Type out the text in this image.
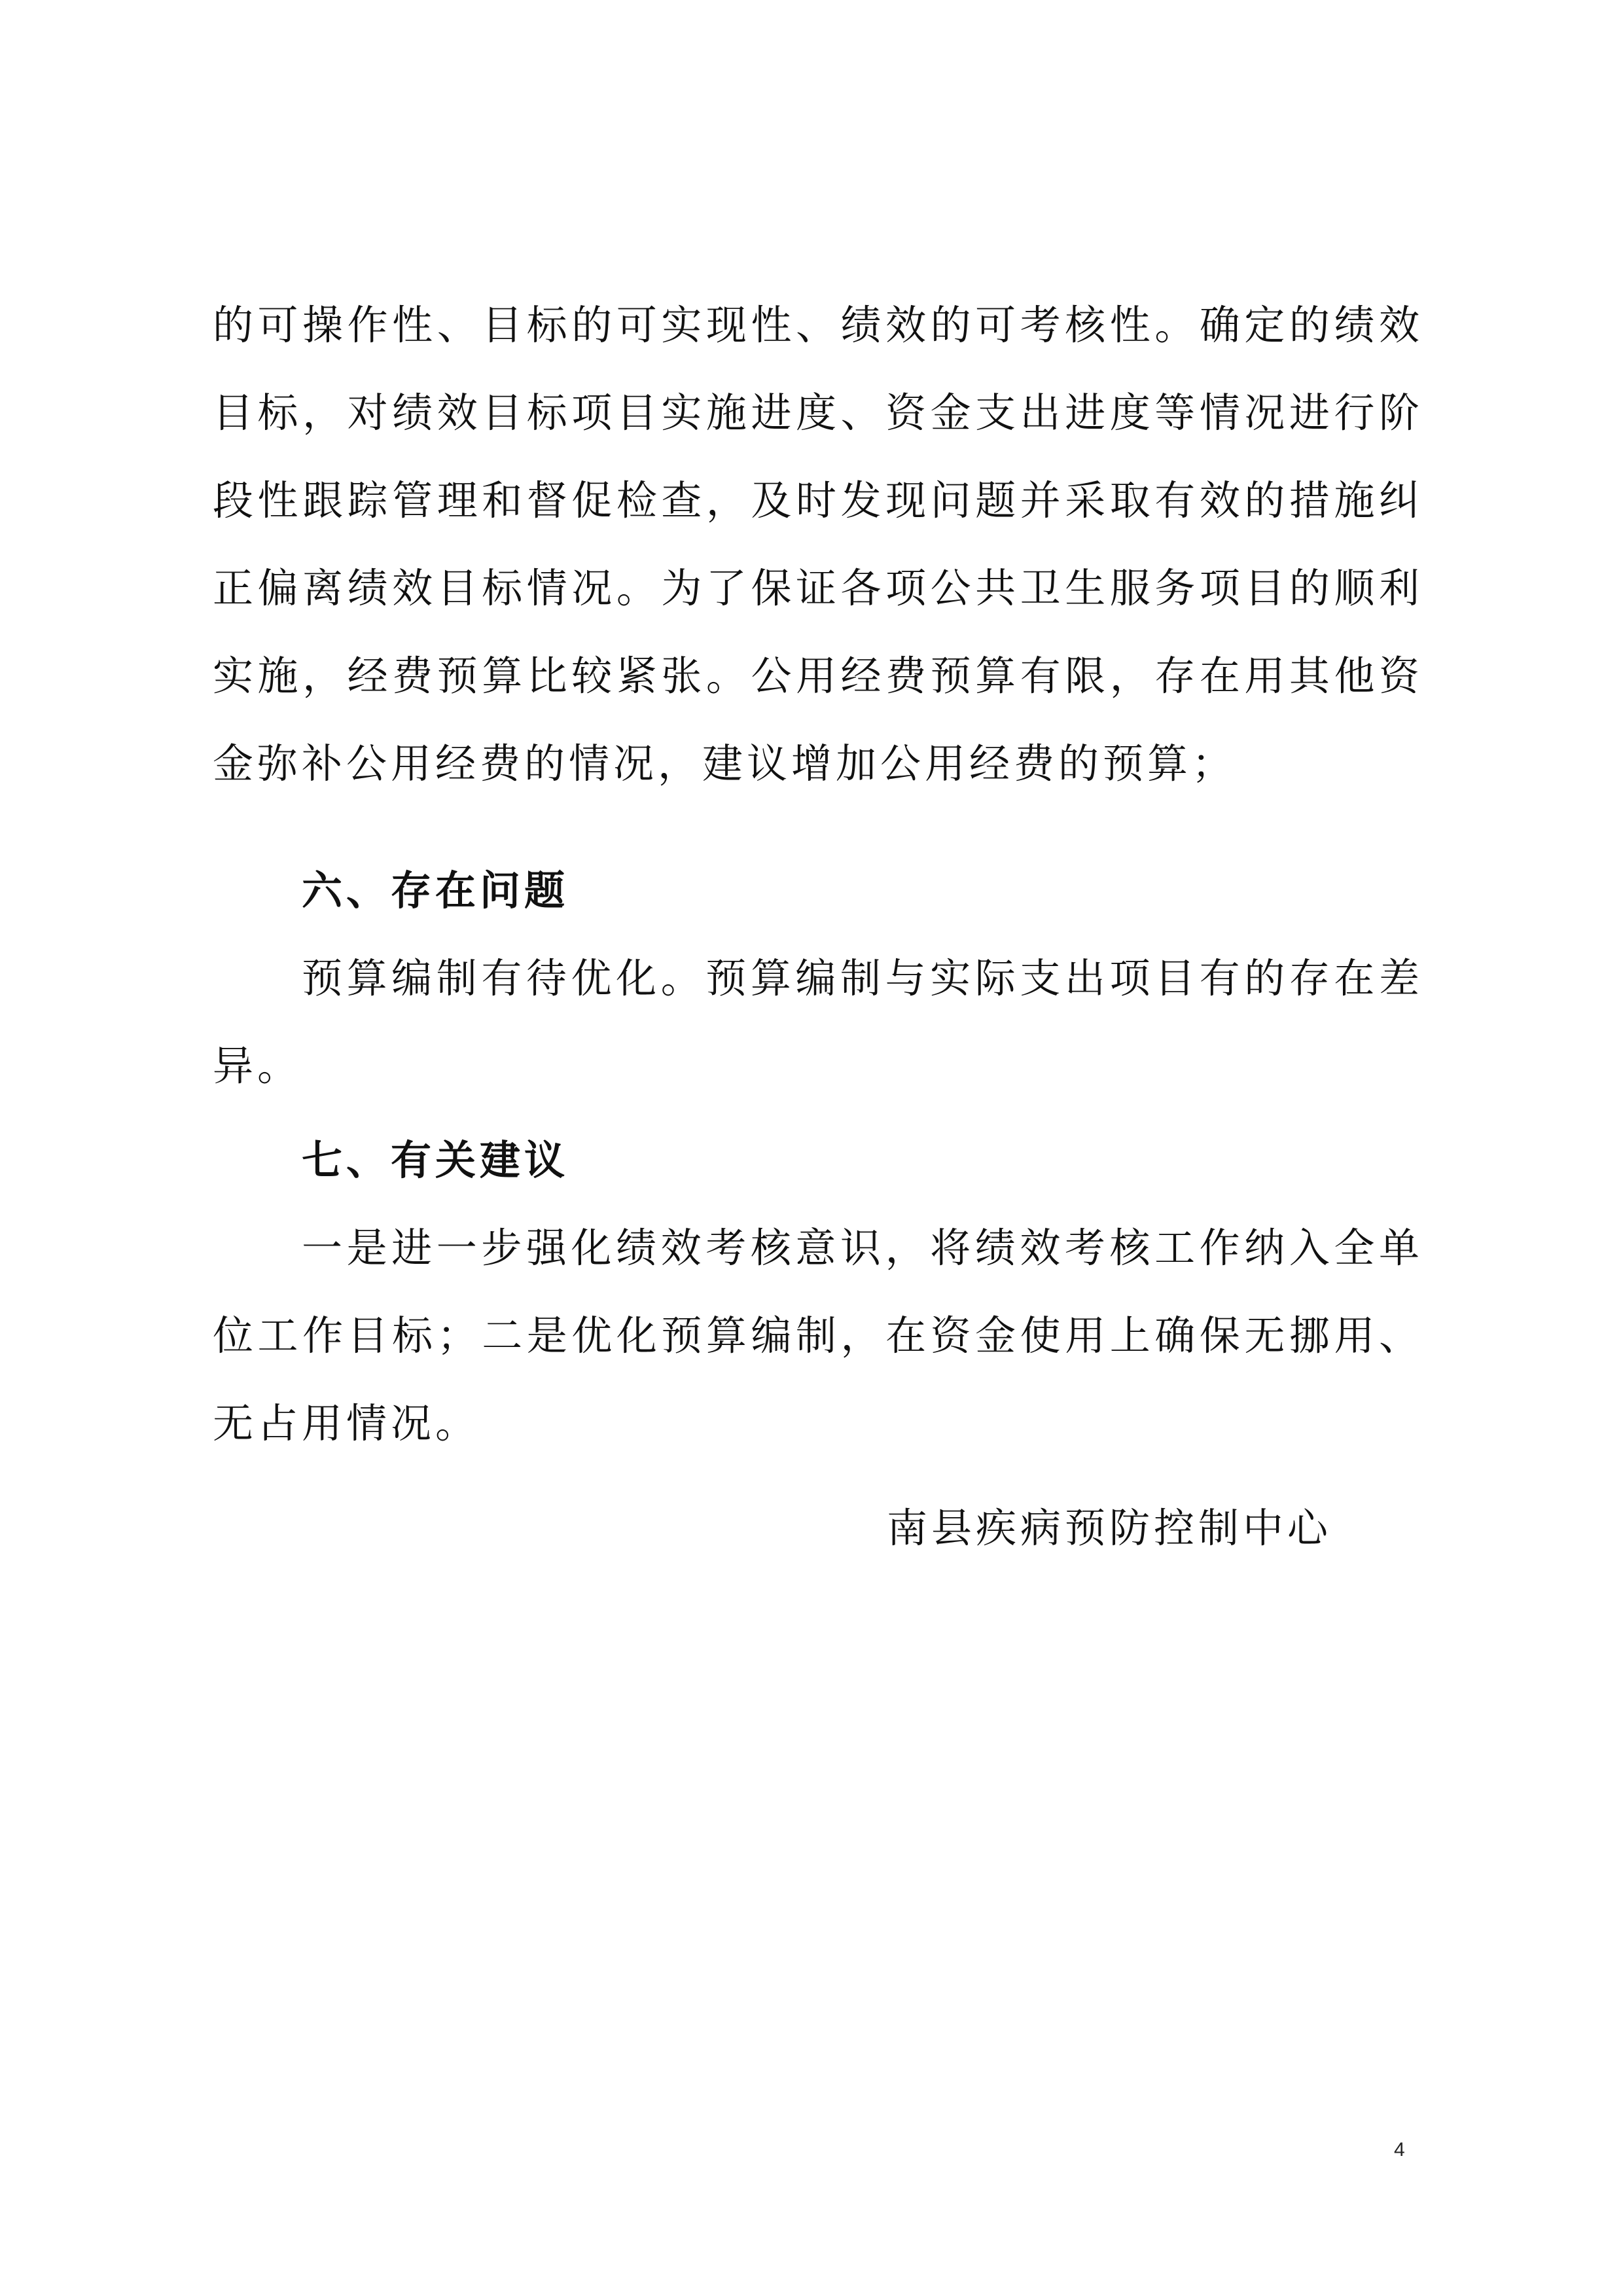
的可操作性、目标的可实现性、绩效的可考核性。确定的绩效目标，对绩效目标项目实施进度、资金支出进度等情况进行阶段性跟踪管理和督促检查，及时发现问题并采取有效的措施纠正偏离绩效目标情况。为了保证各项公共卫生服务项目的顺利实施，经费预算比较紧张。公用经费预算有限，存在用其他资金弥补公用经费的情况，建议增加公用经费的预算；

六、存在问题

预算编制有待优化。预算编制与实际支出项目有的存在差异。

七、有关建议

一是进一步强化绩效考核意识，将绩效考核工作纳入全单位工作目标；二是优化预算编制，在资金使用上确保无挪用、无占用情况。

南县疾病预防控制中心
4
